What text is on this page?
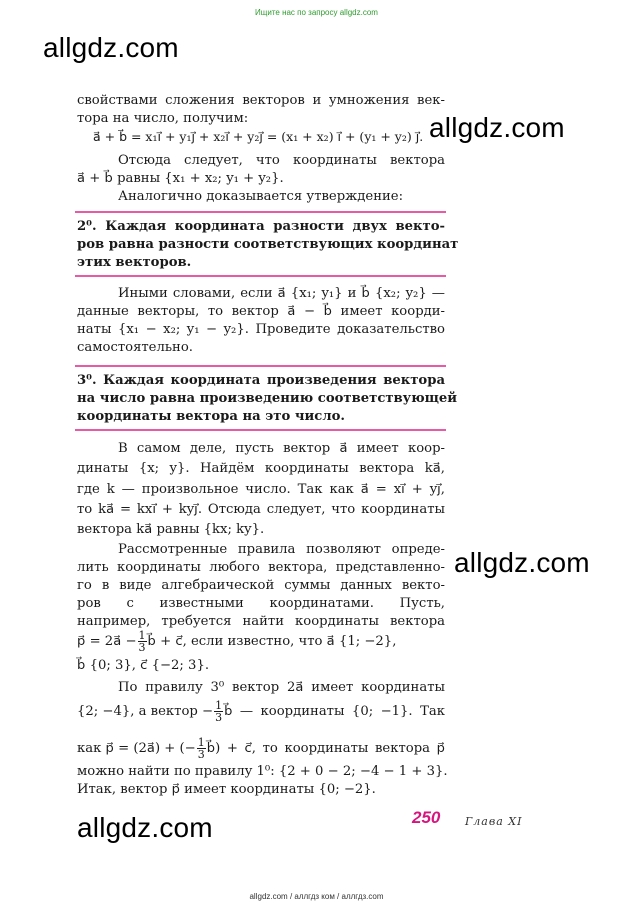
Ищите нас по запросу allgdz.com
allgdz.com
allgdz.com
allgdz.com
allgdz.com
свойствами сложения векторов и умножения век-
тора на число, получим:
a⃗ + b⃗ = x₁i⃗ + y₁j⃗ + x₂i⃗ + y₂j⃗ = (x₁ + x₂) i⃗ + (y₁ + y₂) j⃗.
Отсюда следует, что координаты вектора
a⃗ + b⃗ равны {x₁ + x₂; y₁ + y₂}.
Аналогично доказывается утверждение:
2⁰. Каждая координата разности двух векто-
ров равна разности соответствующих координат
этих векторов.
Иными словами, если a⃗ {x₁; y₁} и b⃗ {x₂; y₂} —
данные векторы, то вектор a⃗ − b⃗ имеет коорди-
наты {x₁ − x₂; y₁ − y₂}. Проведите доказательство
самостоятельно.
3⁰. Каждая координата произведения вектора
на число равна произведению соответствующей
координаты вектора на это число.
В самом деле, пусть вектор a⃗ имеет коор-
динаты {x; y}. Найдём координаты вектора ka⃗,
где k — произвольное число. Так как a⃗ = xi⃗ + yj⃗,
то ka⃗ = kxi⃗ + kyj⃗. Отсюда следует, что координаты
вектора ka⃗ равны {kx; ky}.
Рассмотренные правила позволяют опреде-
лить координаты любого вектора, представленно-
го в виде алгебраической суммы данных векто-
ров с известными координатами. Пусть,
например, требуется найти координаты вектора
p⃗ = 2a⃗ − $\frac{1}{3}$ b⃗ + c⃗, если известно, что a⃗ {1; −2},
b⃗ {0; 3}, c⃗ {−2; 3}.
По правилу 3⁰ вектор 2a⃗ имеет координаты
{2; −4}, а вектор − $\frac{1}{3}$ b⃗ — координаты {0; −1}. Так
как p⃗ = (2a⃗) + (− $\frac{1}{3}$ b⃗) + c⃗, то координаты вектора p⃗
можно найти по правилу 1⁰: {2 + 0 − 2; −4 − 1 + 3}.
Итак, вектор p⃗ имеет координаты {0; −2}.
250 Глава XI
allgdz.com / аллгдз ком / аллгдз.com
